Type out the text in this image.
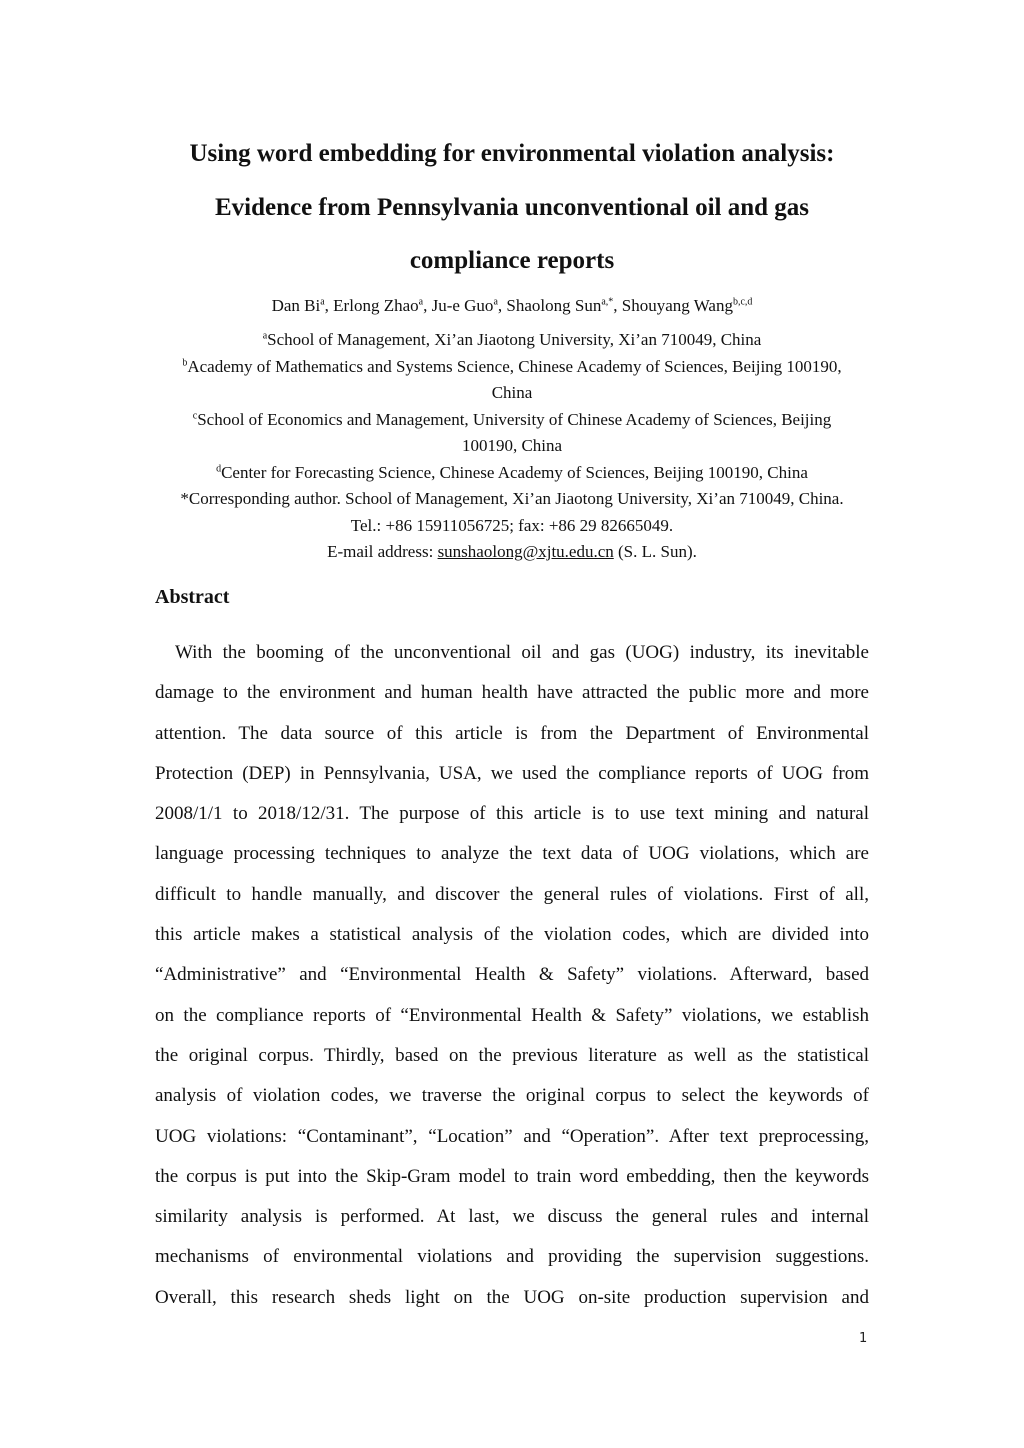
Using word embedding for environmental violation analysis:
Evidence from Pennsylvania unconventional oil and gas
compliance reports
Dan Bi$^a$, Erlong Zhao$^a$, Ju-e Guo$^a$, Shaolong Sun$^{a,*}$, Shouyang Wang$^{b,c,d}$

$^a$School of Management, Xi’an Jiaotong University, Xi’an 710049, China

$^b$Academy of Mathematics and Systems Science, Chinese Academy of Sciences, Beijing 100190,

China

$^c$School of Economics and Management, University of Chinese Academy of Sciences, Beijing

100190, China

$^d$Center for Forecasting Science, Chinese Academy of Sciences, Beijing 100190, China

*Corresponding author. School of Management, Xi’an Jiaotong University, Xi’an 710049, China.

Tel.: +86 15911056725; fax: +86 29 82665049.

E-mail address: sunshaolong@xjtu.edu.cn (S. L. Sun).

Abstract
With the booming of the unconventional oil and gas (UOG) industry, its inevitable
damage to the environment and human health have attracted the public more and more
attention. The data source of this article is from the Department of Environmental
Protection (DEP) in Pennsylvania, USA, we used the compliance reports of UOG from
2008/1/1 to 2018/12/31. The purpose of this article is to use text mining and natural
language processing techniques to analyze the text data of UOG violations, which are
difficult to handle manually, and discover the general rules of violations. First of all,
this article makes a statistical analysis of the violation codes, which are divided into
“Administrative” and “Environmental Health & Safety” violations. Afterward, based
on the compliance reports of “Environmental Health & Safety” violations, we establish
the original corpus. Thirdly, based on the previous literature as well as the statistical
analysis of violation codes, we traverse the original corpus to select the keywords of
UOG violations: “Contaminant”, “Location” and “Operation”. After text preprocessing,
the corpus is put into the Skip-Gram model to train word embedding, then the keywords
similarity analysis is performed. At last, we discuss the general rules and internal
mechanisms of environmental violations and providing the supervision suggestions.
Overall, this research sheds light on the UOG on-site production supervision and
1
